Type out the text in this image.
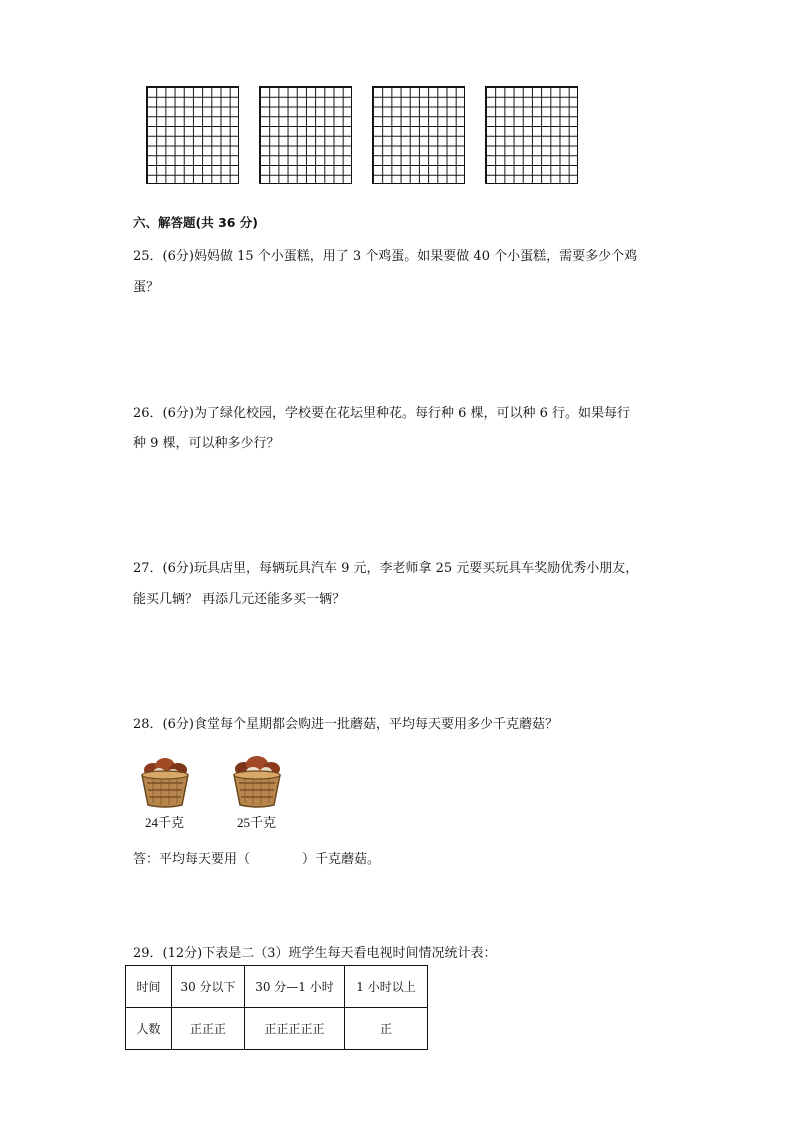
六、解答题(共 36 分)
25．(6分)妈妈做 15 个小蛋糕，用了 3 个鸡蛋。如果要做 40 个小蛋糕，需要多少个鸡
蛋？
26．(6分)为了绿化校园，学校要在花坛里种花。每行种 6 棵，可以种 6 行。如果每行
种 9 棵，可以种多少行？
27．(6分)玩具店里，每辆玩具汽车 9 元，李老师拿 25 元要买玩具车奖励优秀小朋友，
能买几辆？ 再添几元还能多买一辆？
28．(6分)食堂每个星期都会购进一批蘑菇，平均每天要用多少千克蘑菇？
24千克	25千克
答：平均每天要用（　　　　）千克蘑菇。
29．(12分)下表是二（3）班学生每天看电视时间情况统计表：
时间	30 分以下	30 分—1 小时	1 小时以上
人数	正正正	正正正正正	正
